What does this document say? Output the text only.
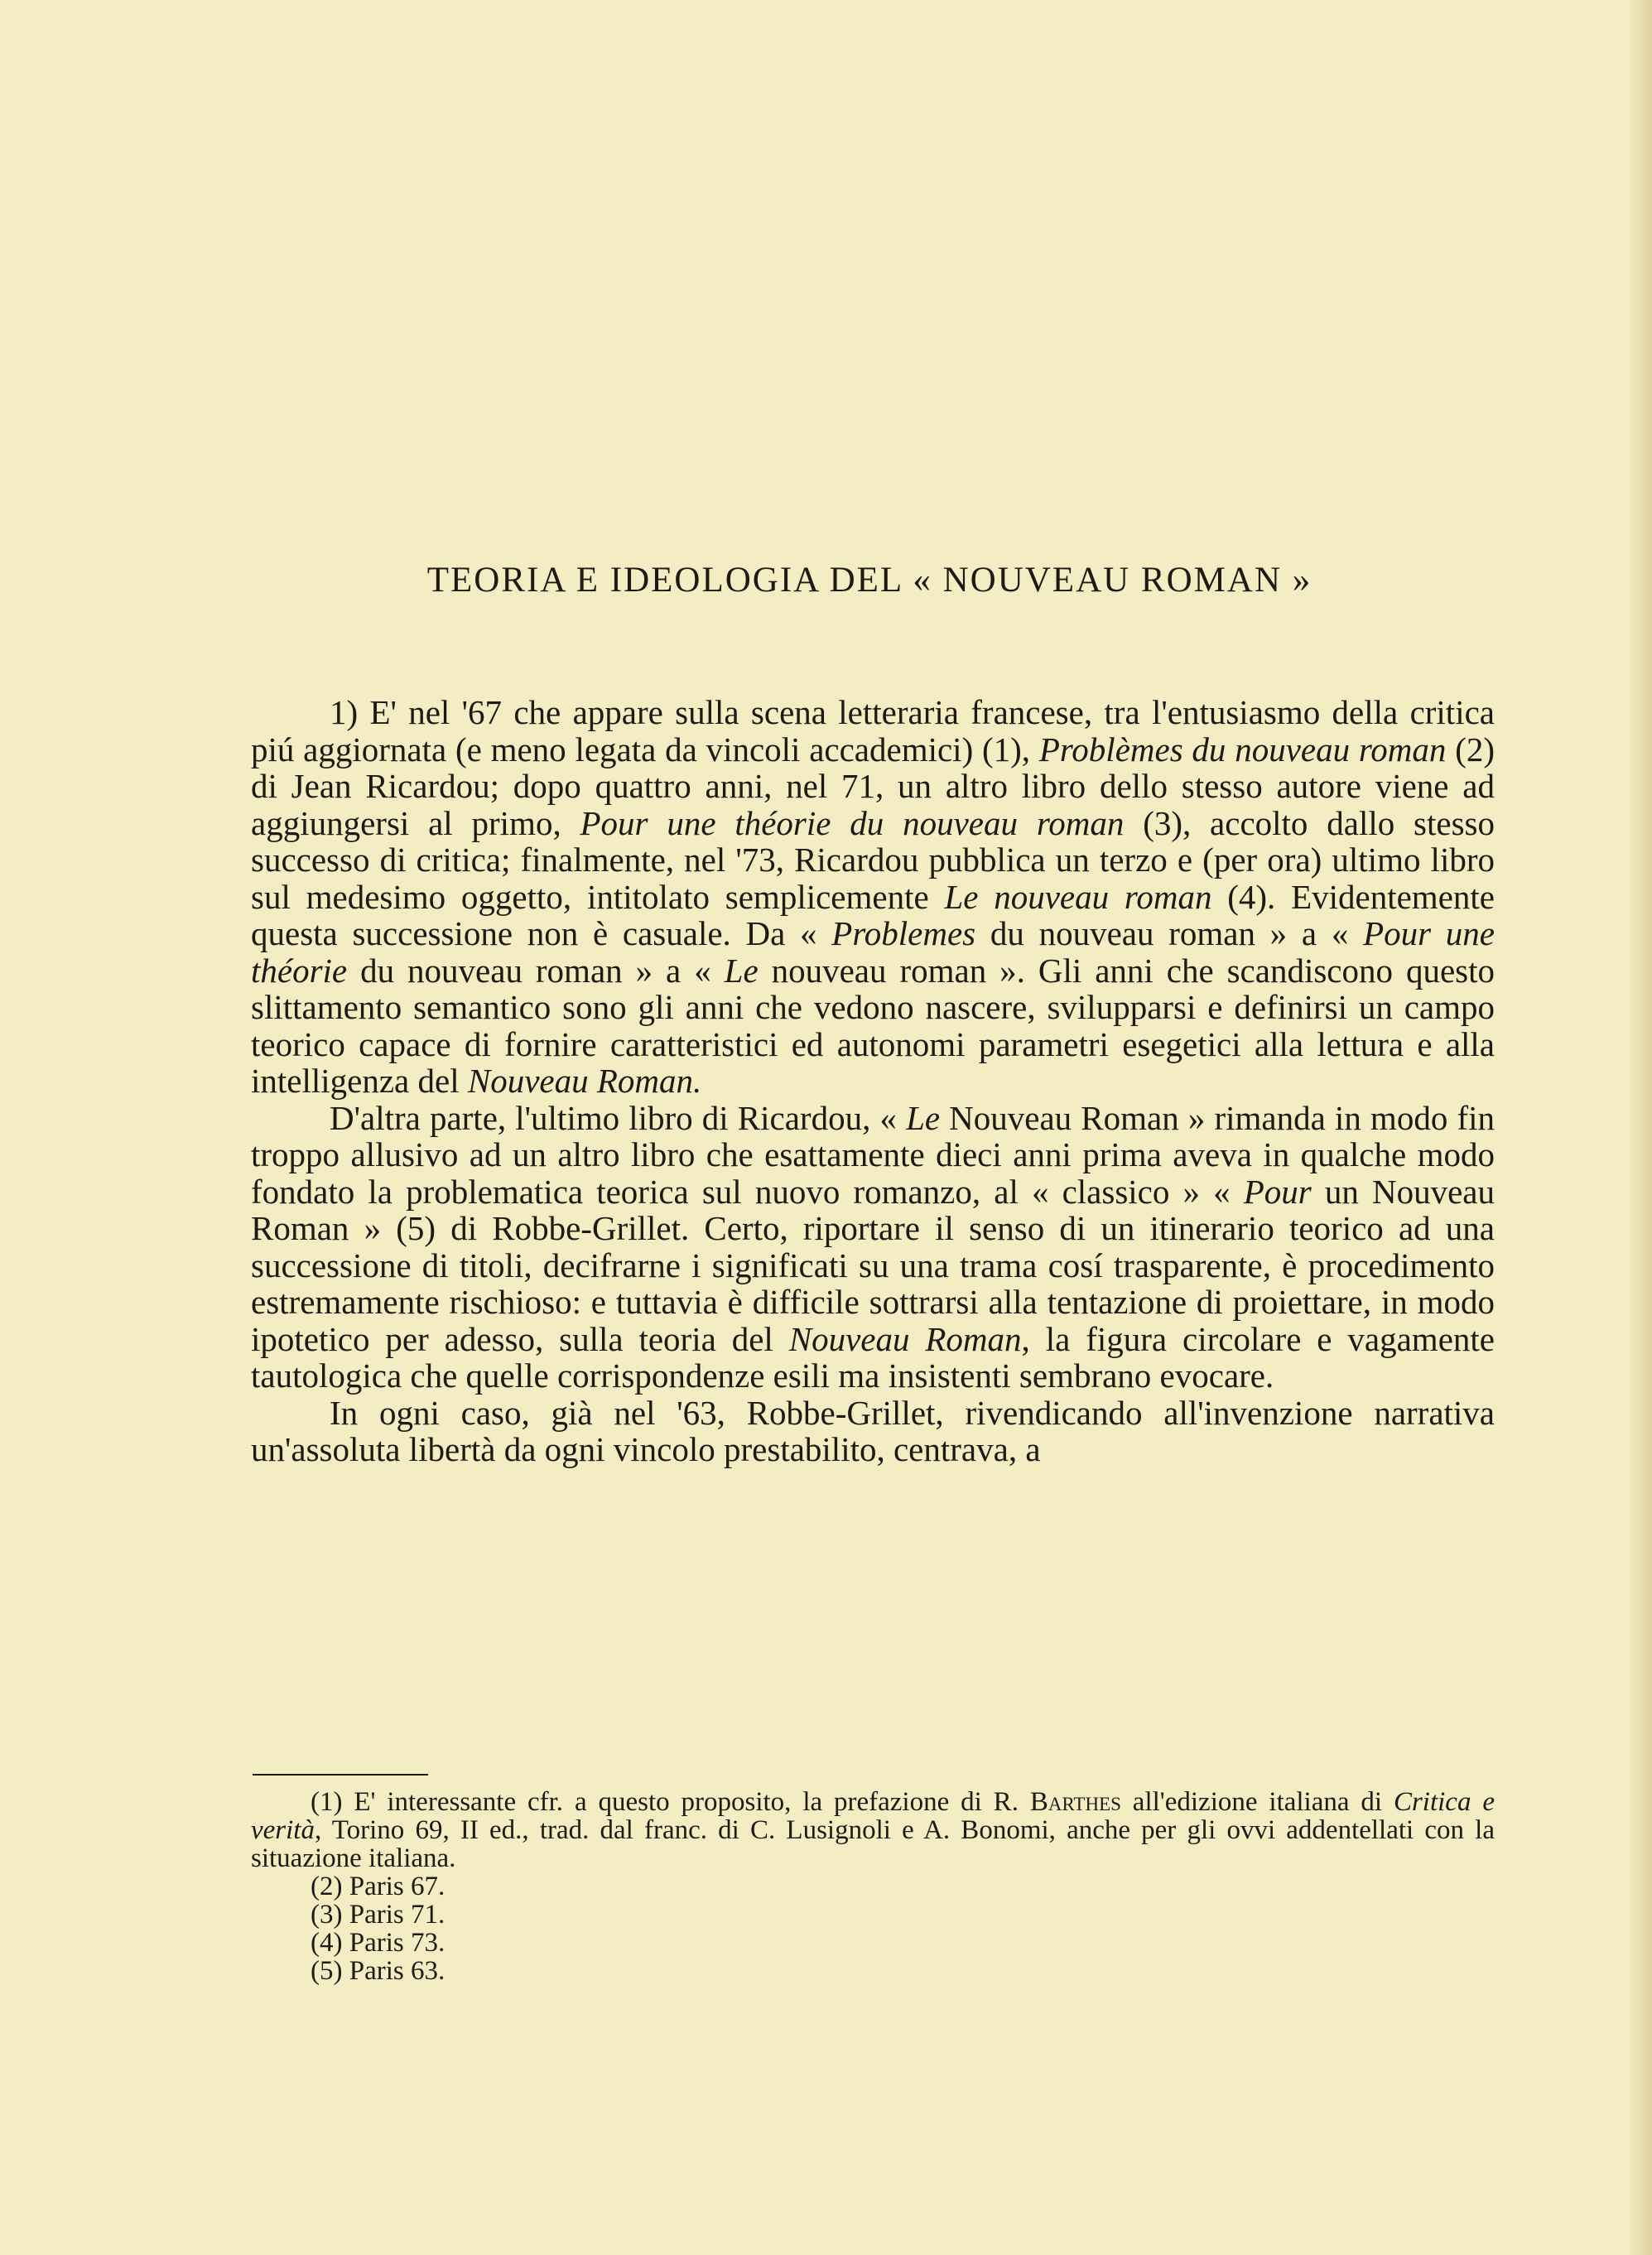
TEORIA E IDEOLOGIA DEL « NOUVEAU ROMAN »

1) E' nel '67 che appare sulla scena letteraria francese, tra l'entusiasmo della critica piú aggiornata (e meno legata da vincoli accademici) (1), Problèmes du nouveau roman (2) di Jean Ricardou; dopo quattro anni, nel 71, un altro libro dello stesso autore viene ad aggiungersi al primo, Pour une théorie du nouveau roman (3), accolto dallo stesso successo di critica; finalmente, nel '73, Ricardou pubblica un terzo e (per ora) ultimo libro sul medesimo oggetto, intitolato semplicemente Le nouveau roman (4). Evidentemente questa successione non è casuale. Da « Problemes du nouveau roman » a « Pour une théorie du nouveau roman » a « Le nouveau roman ». Gli anni che scandiscono questo slittamento semantico sono gli anni che vedono nascere, svilupparsi e definirsi un campo teorico capace di fornire caratteristici ed autonomi parametri esegetici alla lettura e alla intelligenza del Nouveau Roman.

D'altra parte, l'ultimo libro di Ricardou, « Le Nouveau Roman » rimanda in modo fin troppo allusivo ad un altro libro che esattamente dieci anni prima aveva in qualche modo fondato la problematica teorica sul nuovo romanzo, al « classico » « Pour un Nouveau Roman » (5) di Robbe-Grillet. Certo, riportare il senso di un itinerario teorico ad una successione di titoli, decifrarne i significati su una trama cosí trasparente, è procedimento estremamente rischioso: e tuttavia è difficile sottrarsi alla tentazione di proiettare, in modo ipotetico per adesso, sulla teoria del Nouveau Roman, la figura circolare e vagamente tautologica che quelle corrispondenze esili ma insistenti sembrano evocare.

In ogni caso, già nel '63, Robbe-Grillet, rivendicando all'invenzione narrativa un'assoluta libertà da ogni vincolo prestabilito, centrava, a

(1) E' interessante cfr. a questo proposito, la prefazione di R. Barthes all'edizione italiana di Critica e verità, Torino 69, II ed., trad. dal franc. di C. Lusignoli e A. Bonomi, anche per gli ovvi addentellati con la situazione italiana.

(2) Paris 67.

(3) Paris 71.

(4) Paris 73.

(5) Paris 63.
